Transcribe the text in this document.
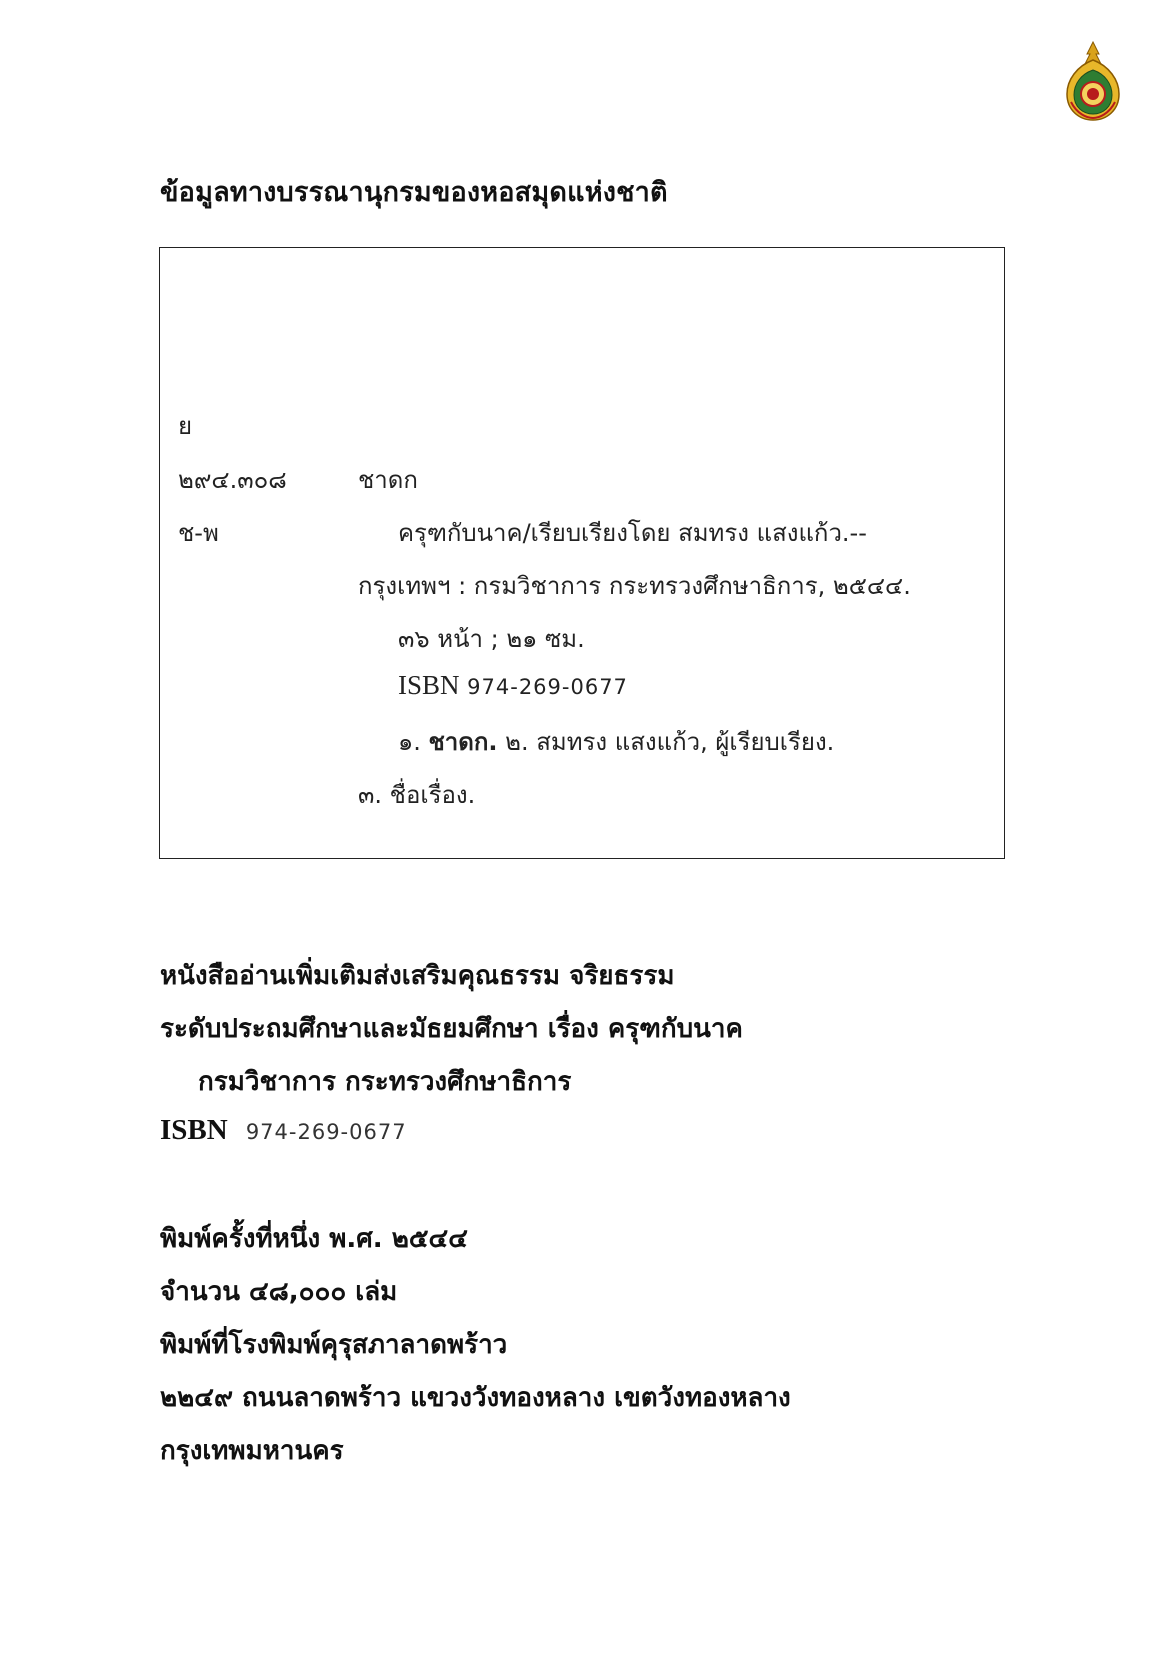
ข้อมูลทางบรรณานุกรมของหอสมุดแห่งชาติ
ย
๒๙๔.๓๐๘	ชาดก
ช-พ	ครุฑกับนาค/เรียบเรียงโดย สมทรง แสงแก้ว.--
กรุงเทพฯ : กรมวิชาการ กระทรวงศึกษาธิการ, ๒๕๔๔.
๓๖ หน้า ; ๒๑ ซม.
ISBN 974-269-0677
๑. ชาดก. ๒. สมทรง แสงแก้ว, ผู้เรียบเรียง.
๓. ชื่อเรื่อง.
หนังสืออ่านเพิ่มเติมส่งเสริมคุณธรรม จริยธรรม
ระดับประถมศึกษาและมัธยมศึกษา เรื่อง ครุฑกับนาค
กรมวิชาการ กระทรวงศึกษาธิการ
ISBN 974-269-0677
พิมพ์ครั้งที่หนึ่ง พ.ศ. ๒๕๔๔
จำนวน ๔๘,๐๐๐ เล่ม
พิมพ์ที่โรงพิมพ์คุรุสภาลาดพร้าว
๒๒๔๙ ถนนลาดพร้าว แขวงวังทองหลาง เขตวังทองหลาง
กรุงเทพมหานคร
